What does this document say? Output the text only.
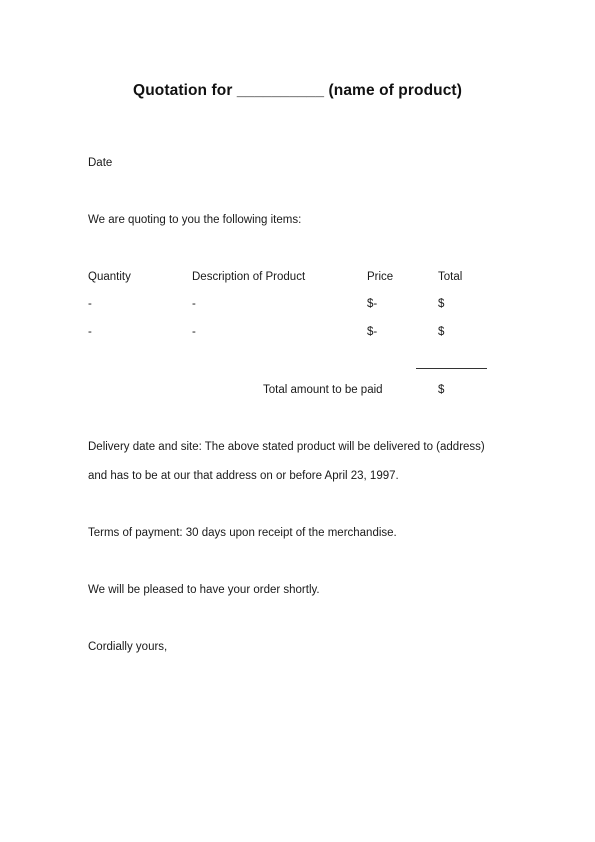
Quotation for __________ (name of product)
Date
We are quoting to you the following items:
Quantity	Description of Product	Price	Total
-	-	$-	$
-	-	$-	$
Total amount to be paid	$
Delivery date and site: The above stated product will be delivered to (address)
and has to be at our that address on or before April 23, 1997.
Terms of payment: 30 days upon receipt of the merchandise.
We will be pleased to have your order shortly.
Cordially yours,
